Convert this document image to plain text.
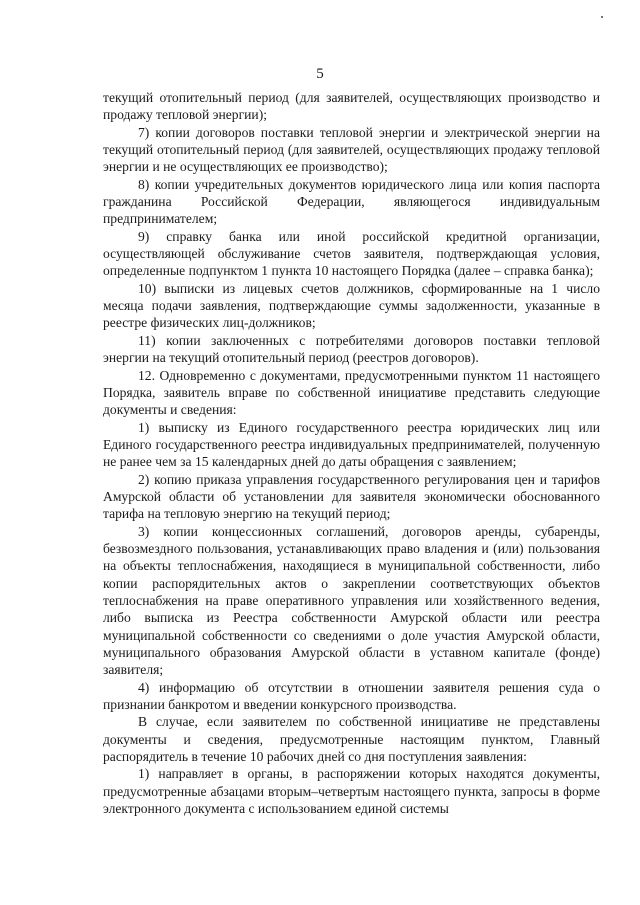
5

текущий отопительный период (для заявителей, осуществляющих производство и продажу тепловой энергии);

7) копии договоров поставки тепловой энергии и электрической энергии на текущий отопительный период (для заявителей, осуществляющих продажу тепловой энергии и не осуществляющих ее производство);

8) копии учредительных документов юридического лица или копия паспорта гражданина Российской Федерации, являющегося индивидуальным предпринимателем;

9) справку банка или иной российской кредитной организации, осуществляющей обслуживание счетов заявителя, подтверждающая условия, определенные подпунктом 1 пункта 10 настоящего Порядка (далее – справка банка);

10) выписки из лицевых счетов должников, сформированные на 1 число месяца подачи заявления, подтверждающие суммы задолженности, указанные в реестре физических лиц-должников;

11) копии заключенных с потребителями договоров поставки тепловой энергии на текущий отопительный период (реестров договоров).

12. Одновременно с документами, предусмотренными пунктом 11 настоящего Порядка, заявитель вправе по собственной инициативе представить следующие документы и сведения:

1) выписку из Единого государственного реестра юридических лиц или Единого государственного реестра индивидуальных предпринимателей, полученную не ранее чем за 15 календарных дней до даты обращения с заявлением;

2) копию приказа управления государственного регулирования цен и тарифов Амурской области об установлении для заявителя экономически обоснованного тарифа на тепловую энергию на текущий период;

3) копии концессионных соглашений, договоров аренды, субаренды, безвозмездного пользования, устанавливающих право владения и (или) пользования на объекты теплоснабжения, находящиеся в муниципальной собственности, либо копии распорядительных актов о закреплении соответствующих объектов теплоснабжения на праве оперативного управления или хозяйственного ведения, либо выписка из Реестра собственности Амурской области или реестра муниципальной собственности со сведениями о доле участия Амурской области, муниципального образования Амурской области в уставном капитале (фонде) заявителя;

4) информацию об отсутствии в отношении заявителя решения суда о признании банкротом и введении конкурсного производства.

В случае, если заявителем по собственной инициативе не представлены документы и сведения, предусмотренные настоящим пунктом, Главный распорядитель в течение 10 рабочих дней со дня поступления заявления:

1) направляет в органы, в распоряжении которых находятся документы, предусмотренные абзацами вторым–четвертым настоящего пункта, запросы в форме электронного документа с использованием единой системы
